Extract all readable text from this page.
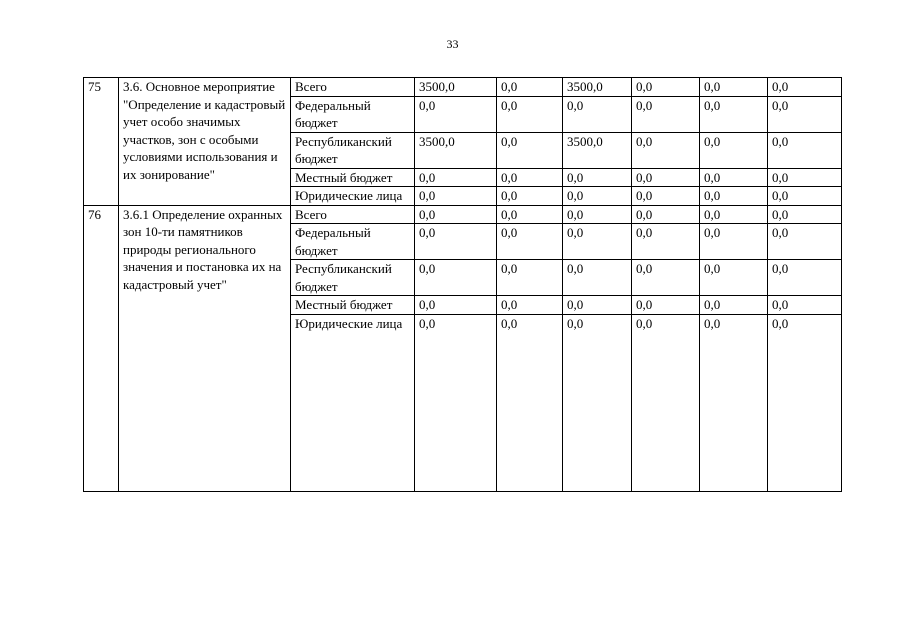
33
75	3.6. Основное мероприятие "Определение и кадастровый учет особо значимых участков, зон с особыми условиями использования и их зонирование"	Всего	3500,0	0,0	3500,0	0,0	0,0	0,0
		Федеральный бюджет	0,0	0,0	0,0	0,0	0,0	0,0
		Республиканский бюджет	3500,0	0,0	3500,0	0,0	0,0	0,0
		Местный бюджет	0,0	0,0	0,0	0,0	0,0	0,0
		Юридические лица	0,0	0,0	0,0	0,0	0,0	0,0
76	3.6.1 Определение охранных зон 10-ти памятников природы регионального значения и постановка их на кадастровый учет"	Всего	0,0	0,0	0,0	0,0	0,0	0,0
		Федеральный бюджет	0,0	0,0	0,0	0,0	0,0	0,0
		Республиканский бюджет	0,0	0,0	0,0	0,0	0,0	0,0
		Местный бюджет	0,0	0,0	0,0	0,0	0,0	0,0
		Юридические лица	0,0	0,0	0,0	0,0	0,0	0,0
